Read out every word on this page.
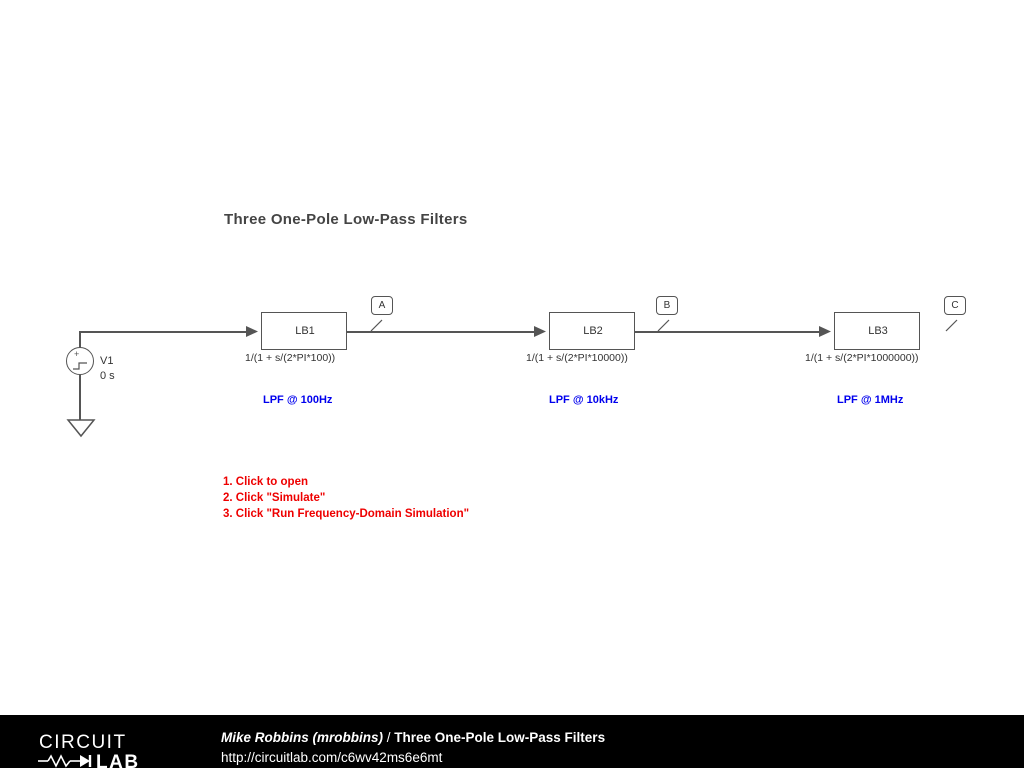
Three One-Pole Low-Pass Filters
+
V1
0 s
LB1
1/(1 + s/(2*PI*100))
LPF @ 100Hz
A
LB2
1/(1 + s/(2*PI*10000))
LPF @ 10kHz
B
LB3
1/(1 + s/(2*PI*1000000))
LPF @ 1MHz
C
1. Click to open
2. Click "Simulate"
3. Click "Run Frequency-Domain Simulation"
CIRCUIT
LAB
Mike Robbins (mrobbins) / Three One-Pole Low-Pass Filters
http://circuitlab.com/c6wv42ms6e6mt
